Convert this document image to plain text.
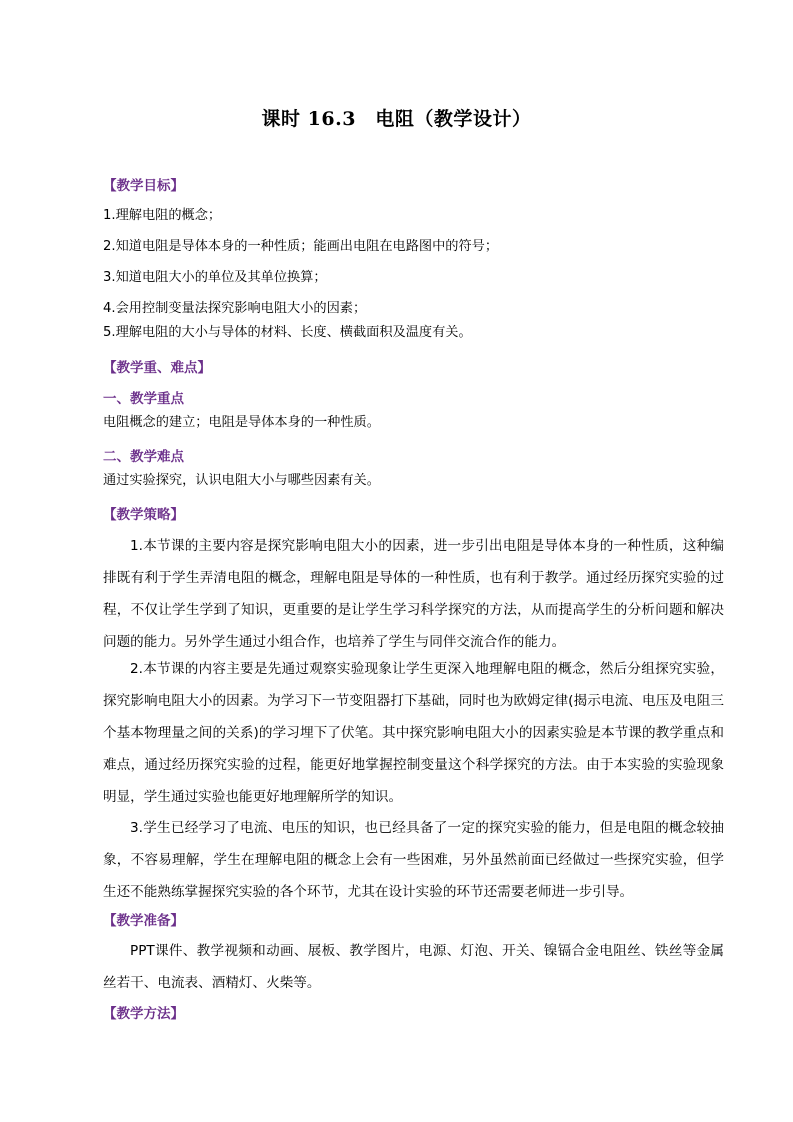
课时 16.3　电阻（教学设计）
【教学目标】
1.理解电阻的概念；
2.知道电阻是导体本身的一种性质；能画出电阻在电路图中的符号；
3.知道电阻大小的单位及其单位换算；
4.会用控制变量法探究影响电阻大小的因素；
5.理解电阻的大小与导体的材料、长度、横截面积及温度有关。
【教学重、难点】
一、教学重点
电阻概念的建立；电阻是导体本身的一种性质。
二、教学难点
通过实验探究，认识电阻大小与哪些因素有关。
【教学策略】

1.本节课的主要内容是探究影响电阻大小的因素，进一步引出电阻是导体本身的一种性质，这种编排既有利于学生弄清电阻的概念，理解电阻是导体的一种性质，也有利于教学。通过经历探究实验的过程，不仅让学生学到了知识，更重要的是让学生学习科学探究的方法，从而提高学生的分析问题和解决问题的能力。另外学生通过小组合作，也培养了学生与同伴交流合作的能力。

2.本节课的内容主要是先通过观察实验现象让学生更深入地理解电阻的概念，然后分组探究实验，探究影响电阻大小的因素。为学习下一节变阻器打下基础，同时也为欧姆定律(揭示电流、电压及电阻三个基本物理量之间的关系)的学习埋下了伏笔。其中探究影响电阻大小的因素实验是本节课的教学重点和难点，通过经历探究实验的过程，能更好地掌握控制变量这个科学探究的方法。由于本实验的实验现象明显，学生通过实验也能更好地理解所学的知识。

3.学生已经学习了电流、电压的知识，也已经具备了一定的探究实验的能力，但是电阻的概念较抽象，不容易理解，学生在理解电阻的概念上会有一些困难，另外虽然前面已经做过一些探究实验，但学生还不能熟练掌握探究实验的各个环节，尤其在设计实验的环节还需要老师进一步引导。

【教学准备】

PPT课件、教学视频和动画、展板、教学图片，电源、灯泡、开关、镍镉合金电阻丝、铁丝等金属丝若干、电流表、酒精灯、火柴等。

【教学方法】
